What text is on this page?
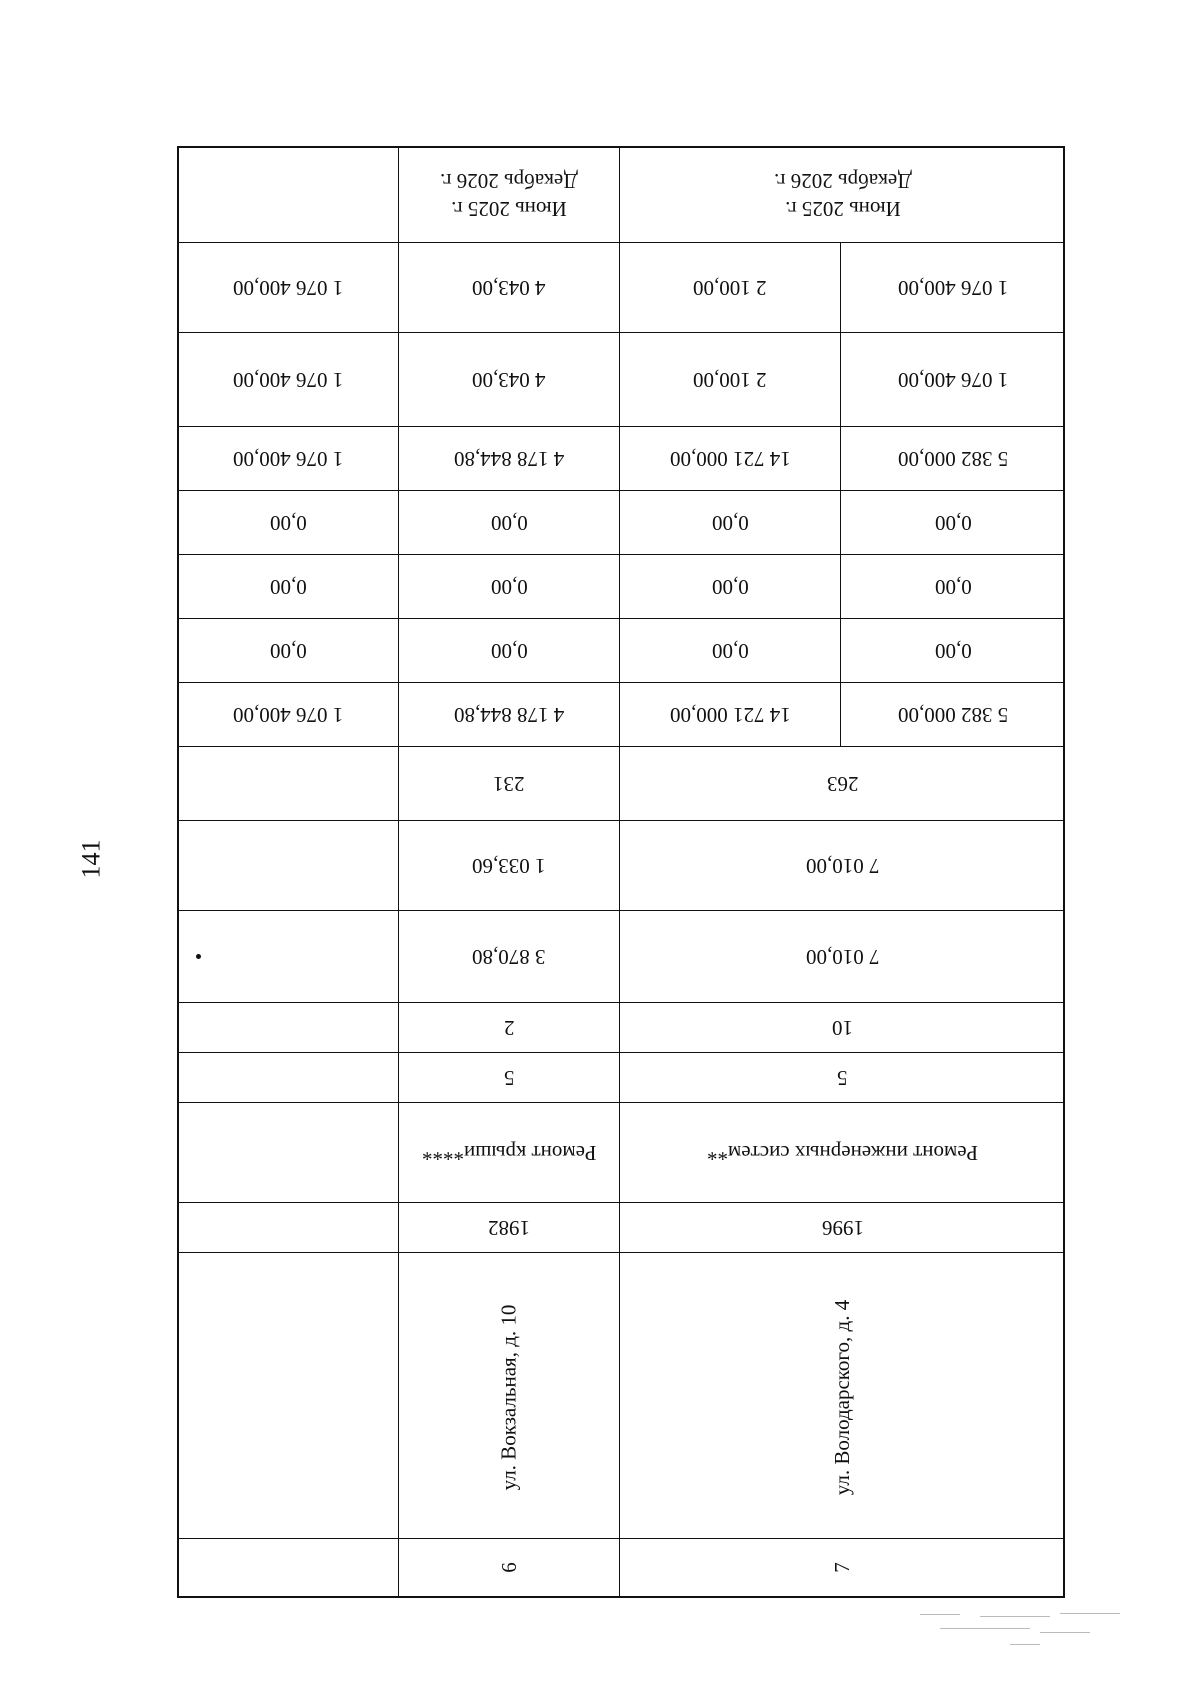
141
Июнь 2025 г.
Декабрь 2026 г.
Июнь 2025 г.
Декабрь 2026 г.
1 076 400,00	4 043,00	2 100,00	1 076 400,00
1 076 400,00	4 043,00	2 100,00	1 076 400,00
1 076 400,00	4 178 844,80	14 721 000,00	5 382 000,00
0,00	0,00	0,00	0,00
0,00	0,00	0,00	0,00
0,00	0,00	0,00	0,00
1 076 400,00	4 178 844,80	14 721 000,00	5 382 000,00
231	263
1 033,60	7 010,00
3 870,80	7 010,00
2	10
5	5
Ремонт крыши****	Ремонт инженерных систем**
1982	1996
ул. Вокзальная, д. 10	ул. Володарского, д. 4
6	7
